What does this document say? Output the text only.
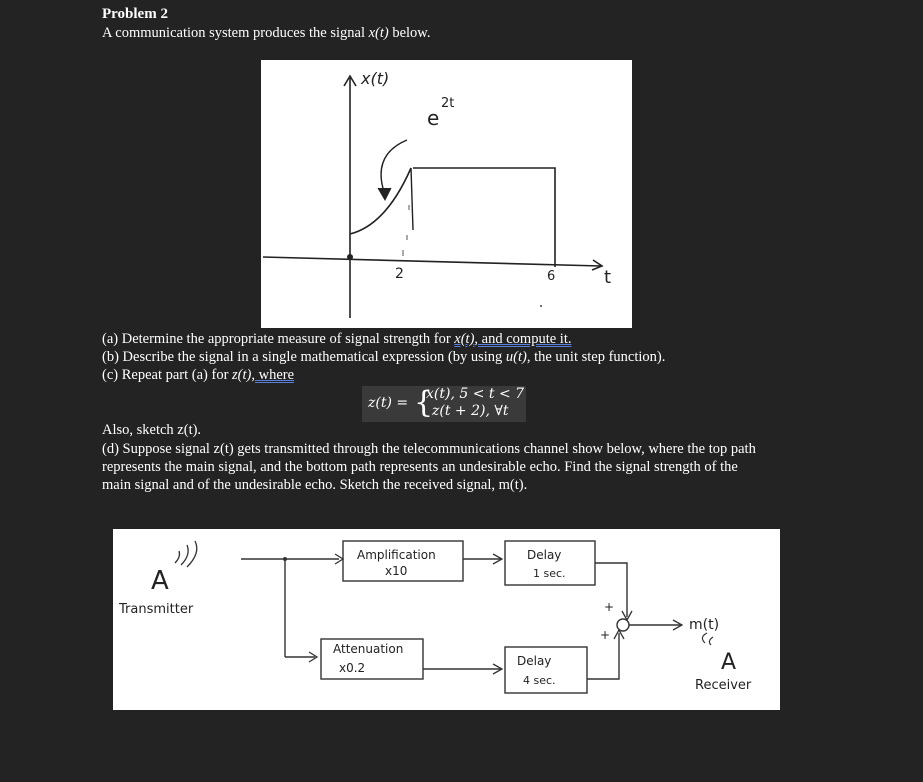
Problem 2
A communication system produces the signal x(t) below.
x(t)
t
e
2t
2	6
(a) Determine the appropriate measure of signal strength for x(t), and compute it.
(b) Describe the signal in a single mathematical expression (by using u(t), the unit step function).
(c) Repeat part (a) for z(t), where
z(t) = {
x(t), 5 < t < 7
z(t + 2), ∀t
Also, sketch z(t).
(d) Suppose signal z(t) gets transmitted through the telecommunications channel show below, where the top path
represents the main signal, and the bottom path represents an undesirable echo. Find the signal strength of the
main signal and of the undesirable echo. Sketch the received signal, m(t).
A
Transmitter
Amplification
x10
Delay
1 sec.
+
Attenuation
x0.2	Delay
4 sec.
+
m(t)
A
Receiver
